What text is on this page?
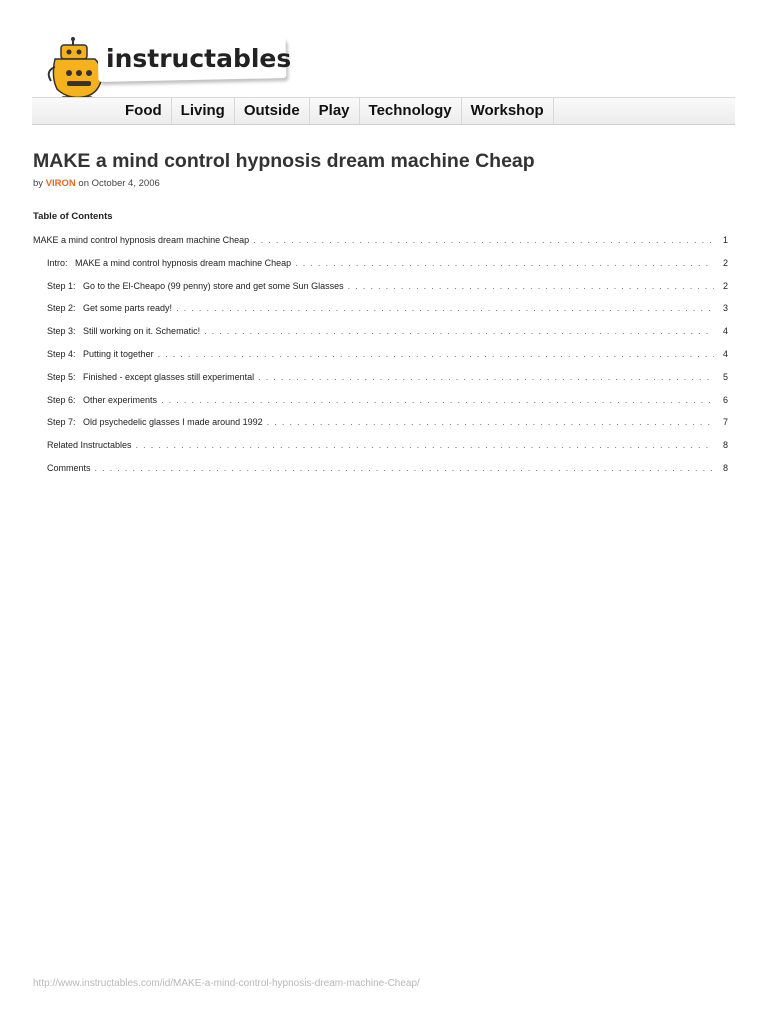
instructables
Food	Living	Outside	Play	Technology	Workshop
MAKE a mind control hypnosis dream machine Cheap
by VIRON on October 4, 2006
Table of Contents
MAKE a mind control hypnosis dream machine Cheap . . .	1
Intro:   MAKE a mind control hypnosis dream machine Cheap . . .	2
Step 1:   Go to the El-Cheapo (99 penny) store and get some Sun Glasses . . .	2
Step 2:   Get some parts ready! . . .	3
Step 3:   Still working on it. Schematic! . . .	4
Step 4:   Putting it together . . .	4
Step 5:   Finished - except glasses still experimental . . .	5
Step 6:   Other experiments . . .	6
Step 7:   Old psychedelic glasses I made around 1992 . . .	7
Related Instructables . . .	8
Comments . . .	8
http://www.instructables.com/id/MAKE-a-mind-control-hypnosis-dream-machine-Cheap/
